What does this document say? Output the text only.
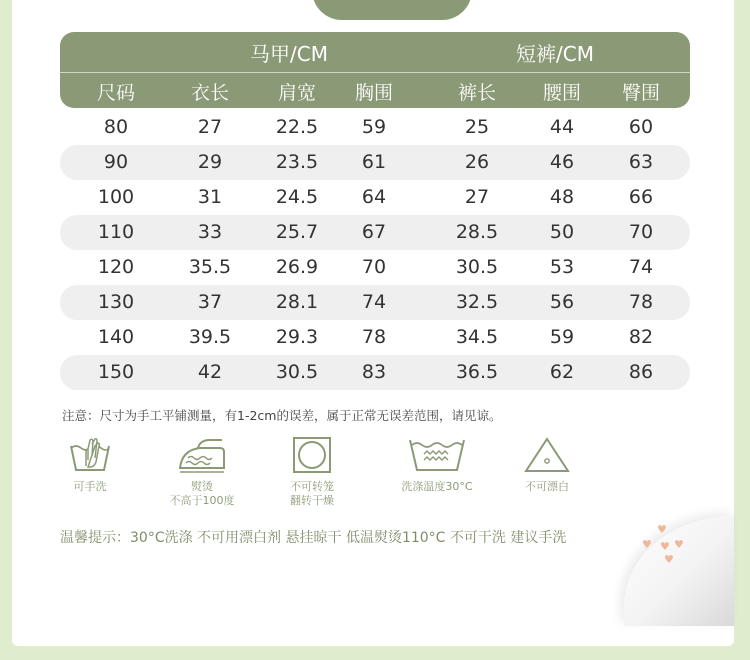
马甲/CM	短裤/CM
尺码	衣长	肩宽 胸围	裤长 腰围 臀围
80	27	22.5 59	25	44	60
90	29	23.5 61	26	46	63
100	31	24.5 64	27	48	66
110	33	25.7 67	28.5	50	70
120	35.5 26.9 70	30.5	53	74
130	37	28.1 74	32.5	56	78
140	39.5 29.3 78	34.5	59	82
150	42	30.5 83	36.5	62	86
注意：尺寸为手工平铺测量，有1-2cm的误差，属于正常无误差范围，请见谅。
可手洗	熨烫
不高于100度
不可转笼
翻转干燥
洗涤温度30°C	不可漂白
温馨提示：30°C洗涤 不可用漂白剂 悬挂晾干 低温熨烫110°C 不可干洗 建议手洗
♥
♥ ♥ ♥
♥
